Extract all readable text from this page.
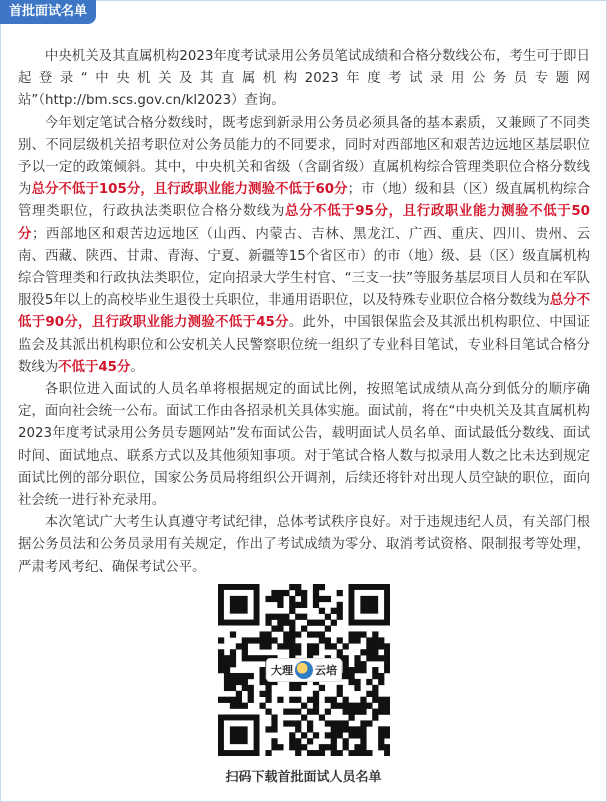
首批面试名单

　　中央机关及其直属机构2023年度考试录用公务员笔试成绩和合格分数线公布，考生可于即日起登录“中央机关及其直属机构2023年度考试录用公务员专题网站”（http://bm.scs.gov.cn/kl2023）查询。

今年划定笔试合格分数线时，既考虑到新录用公务员必须具备的基本素质，又兼顾了不同类别、不同层级机关招考职位对公务员能力的不同要求，同时对西部地区和艰苦边远地区基层职位予以一定的政策倾斜。其中，中央机关和省级（含副省级）直属机构综合管理类职位合格分数线为总分不低于105分，且行政职业能力测验不低于60分；市（地）级和县（区）级直属机构综合管理类职位，行政执法类职位合格分数线为总分不低于95分，且行政职业能力测验不低于50分；西部地区和艰苦边远地区（山西、内蒙古、吉林、黑龙江、广西、重庆、四川、贵州、云南、西藏、陕西、甘肃、青海、宁夏、新疆等15个省区市）的市（地）级、县（区）级直属机构综合管理类和行政执法类职位，定向招录大学生村官、“三支一扶”等服务基层项目人员和在军队服役5年以上的高校毕业生退役士兵职位，非通用语职位，以及特殊专业职位合格分数线为总分不低于90分，且行政职业能力测验不低于45分。此外，中国银保监会及其派出机构职位、中国证监会及其派出机构职位和公安机关人民警察职位统一组织了专业科目笔试，专业科目笔试合格分数线为不低于45分。

各职位进入面试的人员名单将根据规定的面试比例，按照笔试成绩从高分到低分的顺序确定，面向社会统一公布。面试工作由各招录机关具体实施。面试前，将在“中央机关及其直属机构2023年度考试录用公务员专题网站”发布面试公告，载明面试人员名单、面试最低分数线、面试时间、面试地点、联系方式以及其他须知事项。对于笔试合格人数与拟录用人数之比未达到规定面试比例的部分职位，国家公务员局将组织公开调剂，后续还将针对出现人员空缺的职位，面向社会统一进行补充录用。

本次笔试广大考生认真遵守考试纪律，总体考试秩序良好。对于违规违纪人员，有关部门根据公务员法和公务员录用有关规定，作出了考试成绩为零分、取消考试资格、限制报考等处理，严肃考风考纪、确保考试公平。

大理 云培
扫码下载首批面试人员名单
